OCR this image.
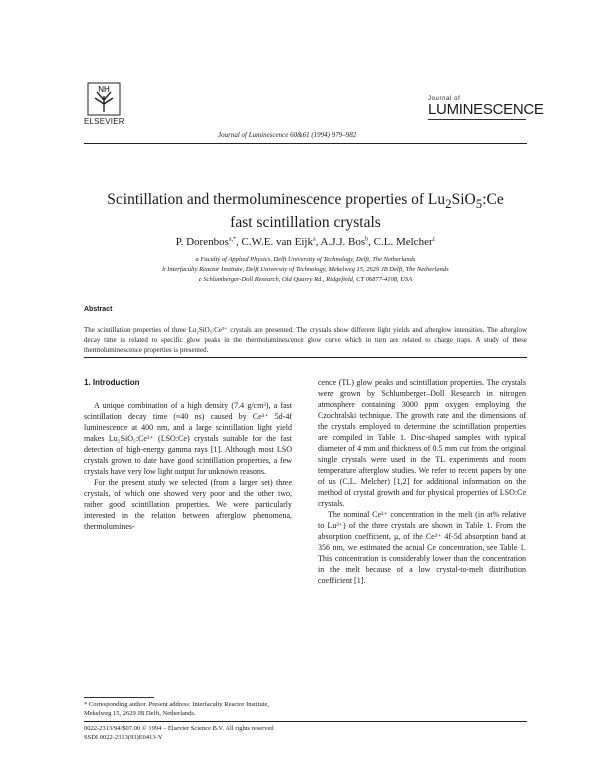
NH
ELSEVIER
Journal of
LUMINESCENCE
Journal of Luminescence 60&61 (1994) 979–982
Scintillation and thermoluminescence properties of $Lu_2SiO_5:Ce$
fast scintillation crystals
P. Dorenbos$^{a,*}$, C.W.E. van Eijk$^a$, A.J.J. Bos$^b$, C.L. Melcher$^c$
a Faculty of Applied Physics, Delft University of Technology, Delft, The Netherlands
b Interfaculty Reactor Institute, Delft University of Technology, Mekelweg 15, 2629 JB Delft, The Netherlands
c Schlumberger-Doll Research, Old Quarry Rd., Ridgefield, CT 06877-4108, USA
Abstract
The scintillation properties of three Lu₂SiO₅:Ce³⁺ crystals are presented. The crystals show different light yields and afterglow intensities. The afterglow decay time is related to specific glow peaks in the thermoluminescence glow curve which in turn are related to charge traps. A study of these thermoluminescence properties is presented.
1. Introduction

A unique combination of a high density (7.4 g/cm³), a fast scintillation decay time (≈40 ns) caused by Ce³⁺ 5d-4f luminescence at 400 nm, and a large scintillation light yield makes Lu₂SiO₅:Ce³⁺ (LSO:Ce) crystals suitable for the fast detection of high-energy gamma rays [1]. Although most LSO crystals grown to date have good scintillation properties, a few crystals have very low light output for unknown reasons.

For the present study we selected (from a larger set) three crystals, of which one showed very poor and the other two, rather good scintillation properties. We were particularly interested in the relation between afterglow phenomena, thermolumines-

cence (TL) glow peaks and scintillation properties. The crystals were grown by Schlumberger–Doll Research in nitrogen atmosphere containing 3000 ppm oxygen employing the Czochralski technique. The growth rate and the dimensions of the crystals employed to determine the scintillation properties are compiled in Table 1. Disc-shaped samples with typical diameter of 4 mm and thickness of 0.5 mm cut from the original single crystals were used in the TL experiments and room temperature afterglow studies. We refer to recent papers by one of us (C.L. Melcher) [1,2] for additional information on the method of crystal growth and for physical properties of LSO:Ce crystals.

The nominal Ce³⁺ concentration in the melt (in at% relative to Lu³⁺) of the three crystals are shown in Table 1. From the absorption coefficient, μ, of the Ce³⁺ 4f-5d absorption band at 356 nm, we estimated the actual Ce concentration, see Table 1. This concentration is considerably lower than the concentration in the melt because of a low crystal-to-melt distribution coefficient [1].

* Corresponding author. Present address: Interfaculty Reactor Institute, Mekelweg 15, 2629 JB Delft, Netherlands.
0022-2313/94/$07.00 © 1994 – Elsevier Science B.V. All rights reserved
SSDI 0022-2313(93)E0413-Y
